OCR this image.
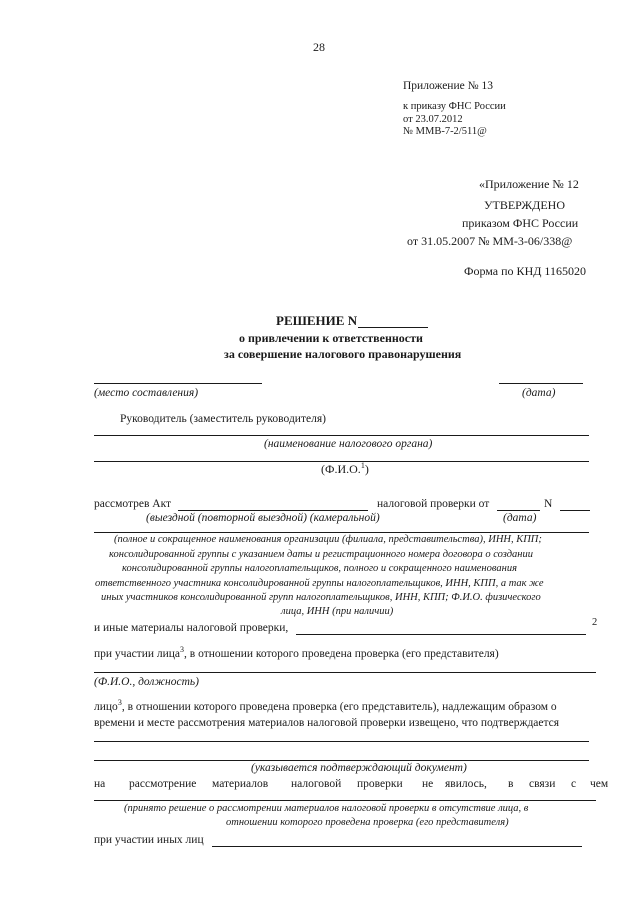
28
Приложение № 13
к приказу ФНС России
от 23.07.2012
№ ММВ-7-2/511@
«Приложение № 12
УТВЕРЖДЕНО
приказом ФНС России
от 31.05.2007 № ММ-3-06/338@
Форма по КНД 1165020
РЕШЕНИЕ N
о привлечении к ответственности
за совершение налогового правонарушения
(место составления)	(дата)
Руководитель (заместитель руководителя)
(наименование налогового органа)
(Ф.И.О.$^1$)
рассмотрев Акт	налоговой проверки от	N
(выездной (повторной выездной) (камеральной)	(дата)
(полное и сокращенное наименования организации (филиала, представительства), ИНН, КПП;
консолидированной группы с указанием даты и регистрационного номера договора о создании
консолидированной группы налогоплательщиков, полного и сокращенного наименования
ответственного участника консолидированной группы налогоплательщиков, ИНН, КПП, а так же
иных участников консолидированной групп налогоплательщиков, ИНН, КПП; Ф.И.О. физического
лица, ИНН (при наличии)
и иные материалы налоговой проверки,	2
при участии лица$^3$, в отношении которого проведена проверка (его представителя)
(Ф.И.О., должность)
лицо$^3$, в отношении которого проведена проверка (его представитель), надлежащим образом о
времени и месте рассмотрения материалов налоговой проверки извещено, что подтверждается
(указывается подтверждающий документ)
на рассмотрение материалов налоговой проверки не явилось, в связи с чем
(принято решение о рассмотрении материалов налоговой проверки в отсутствие лица, в
отношении которого проведена проверка (его представителя)
при участии иных лиц
